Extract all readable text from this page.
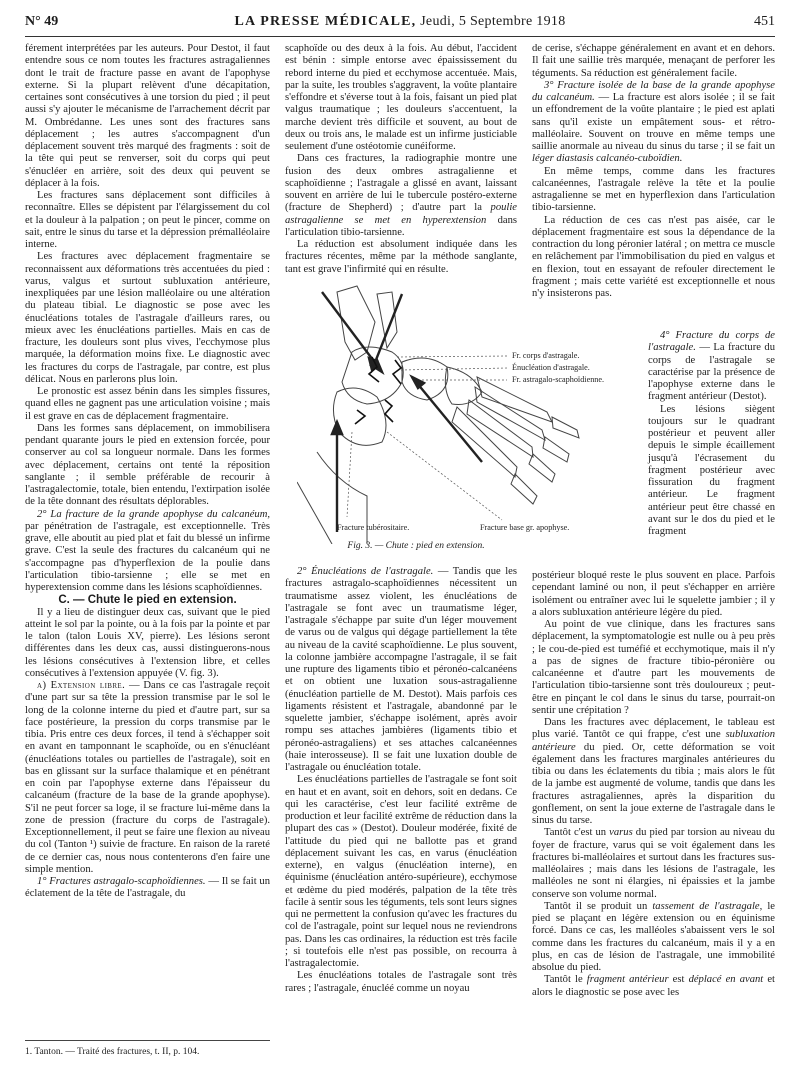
N° 49	LA PRESSE MÉDICALE, Jeudi, 5 Septembre 1918	451

férement interprétées par les auteurs. Pour Destot, il faut entendre sous ce nom toutes les fractures astragaliennes dont le trait de fracture passe en avant de l'apophyse externe. Si la plupart relèvent d'une décapitation, certaines sont consécutives à une torsion du pied ; il peut aussi s'y ajouter le mécanisme de l'arrachement décrit par M. Ombrédanne. Les unes sont des fractures sans déplacement ; les autres s'accompagnent d'un déplacement souvent très marqué des fragments : soit de la tête qui peut se renverser, soit du corps qui peut s'énucléer en arrière, soit des deux qui peuvent se déplacer à la fois.

Les fractures sans déplacement sont difficiles à reconnaître. Elles se dépistent par l'élargissement du col et la douleur à la palpation ; on peut le pincer, comme on sait, entre le sinus du tarse et la dépression prémalléolaire interne.

Les fractures avec déplacement fragmentaire se reconnaissent aux déformations très accentuées du pied : varus, valgus et surtout subluxation antérieure, inexpliquées par une lésion malléolaire ou une altération du plateau tibial. Le diagnostic se pose avec les énucléations totales de l'astragale d'ailleurs rares, ou mieux avec les énucléations partielles. Mais en cas de fracture, les douleurs sont plus vives, l'ecchymose plus marquée, la déformation moins fixe. Le diagnostic avec les fractures du corps de l'astragale, par contre, est plus délicat. Nous en parlerons plus loin.

Le pronostic est assez bénin dans les simples fissures, quand elles ne gagnent pas une articulation voisine ; mais il est grave en cas de déplacement fragmentaire.

Dans les formes sans déplacement, on immobilisera pendant quarante jours le pied en extension forcée, pour conserver au col sa longueur normale. Dans les formes avec déplacement, certains ont tenté la réposition sanglante ; il semble préférable de recourir à l'astragalectomie, totale, bien entendu, l'extirpation isolée de la tête donnant des résultats déplorables.

2° La fracture de la grande apophyse du calcanéum, par pénétration de l'astragale, est exceptionnelle. Très grave, elle aboutit au pied plat et fait du blessé un infirme grave. C'est la seule des fractures du calcanéum qui ne s'accompagne pas d'hyperflexion de la poulie dans l'articulation tibio-tarsienne ; elle se met en hyperextension comme dans les lésions scaphoïdiennes.

C. — Chute le pied en extension.

Il y a lieu de distinguer deux cas, suivant que le pied atteint le sol par la pointe, ou à la fois par la pointe et par le talon (talon Louis XV, pierre). Les lésions seront différentes dans les deux cas, aussi distinguerons-nous les lésions consécutives à l'extension libre, et celles consécutives à l'extension appuyée (V. fig. 3).

a) Extension libre. — Dans ce cas l'astragale reçoit d'une part sur sa tête la pression transmise par le sol le long de la colonne interne du pied et d'autre part, sur sa face postérieure, la pression du corps transmise par le tibia. Pris entre ces deux forces, il tend à s'échapper soit en avant en tamponnant le scaphoïde, ou en s'énucléant (énucléations totales ou partielles de l'astragale), soit en bas en glissant sur la surface thalamique et en pénétrant en coin par l'apophyse externe dans l'épaisseur du calcanéum (fracture de la base de la grande apophyse). S'il ne peut forcer sa loge, il se fracture lui-même dans la zone de pression (fracture du corps de l'astragale). Exceptionnellement, il peut se faire une flexion au niveau du col (Tanton ¹) suivie de fracture. En raison de la rareté de ce dernier cas, nous nous contenterons d'en faire une simple mention.

1° Fractures astragalo-scaphoïdiennes. — Il se fait un éclatement de la tête de l'astragale, du

1. Tanton. — Traité des fractures, t. II, p. 104.

scaphoïde ou des deux à la fois. Au début, l'accident est bénin : simple entorse avec épaississement du rebord interne du pied et ecchymose accentuée. Mais, par la suite, les troubles s'aggravent, la voûte plantaire s'effondre et s'éverse tout à la fois, faisant un pied plat valgus traumatique ; les douleurs s'accentuent, la marche devient très difficile et souvent, au bout de deux ou trois ans, le malade est un infirme justiciable seulement d'une ostéotomie cunéiforme.

Dans ces fractures, la radiographie montre une fusion des deux ombres astragalienne et scaphoïdienne ; l'astragale a glissé en avant, laissant souvent en arrière de lui le tubercule postéro-externe (fracture de Shepherd) ; d'autre part la poulie astragalienne se met en hyperextension dans l'articulation tibio-tarsienne.

La réduction est absolument indiquée dans les fractures récentes, même par la méthode sanglante, tant est grave l'infirmité qui en résulte.

Fr. corps d'astragale.
Énucléation d'astragale.
Fr. astragalo-scaphoïdienne.
Fracture tubérositaire.	Fracture base gr. apophyse.
Fig. 3. — Chute : pied en extension.

2° Énucléations de l'astragale. — Tandis que les fractures astragalo-scaphoïdiennes nécessitent un traumatisme assez violent, les énucléations de l'astragale se font avec un traumatisme léger, l'astragale s'échappe par suite d'un léger mouvement de varus ou de valgus qui dégage partiellement la tête au niveau de la cavité scaphoïdienne. Le plus souvent, la colonne jambière accompagne l'astragale, il se fait une rupture des ligaments tibio et péronéo-calcanéens et on obtient une luxation sous-astragalienne (énucléation partielle de M. Destot). Mais parfois ces ligaments résistent et l'astragale, abandonné par le squelette jambier, s'échappe isolément, après avoir rompu ses attaches jambières (ligaments tibio et péronéo-astragaliens) et ses attaches calcanéennes (haie interosseuse). Il se fait une luxation double de l'astragale ou énucléation totale.

Les énucléations partielles de l'astragale se font soit en haut et en avant, soit en dehors, soit en dedans. Ce qui les caractérise, c'est leur facilité extrême de production et leur facilité extrême de réduction dans la plupart des cas » (Destot). Douleur modérée, fixité de l'attitude du pied qui ne ballotte pas et grand déplacement suivant les cas, en varus (énucléation externe), en valgus (énucléation interne), en équinisme (énucléation antéro-supérieure), ecchymose et œdème du pied modérés, palpation de la tête très facile à sentir sous les téguments, tels sont leurs signes qui ne permettent la confusion qu'avec les fractures du col de l'astragale, point sur lequel nous ne reviendrons pas. Dans les cas ordinaires, la réduction est très facile ; si toutefois elle n'est pas possible, on recourra à l'astragalectomie.

Les énucléations totales de l'astragale sont très rares ; l'astragale, énucléé comme un noyau

de cerise, s'échappe généralement en avant et en dehors. Il fait une saillie très marquée, menaçant de perforer les téguments. Sa réduction est généralement facile.

3° Fracture isolée de la base de la grande apophyse du calcanéum. — La fracture est alors isolée ; il se fait un effondrement de la voûte plantaire ; le pied est aplati sans qu'il existe un empâtement sous- et rétro-malléolaire. Souvent on trouve en même temps une saillie anormale au niveau du sinus du tarse ; il se fait un léger diastasis calcanéo-cuboïdien.

En même temps, comme dans les fractures calcanéennes, l'astragale relève la tête et la poulie astragalienne se met en hyperflexion dans l'articulation tibio-tarsienne.

La réduction de ces cas n'est pas aisée, car le déplacement fragmentaire est sous la dépendance de la contraction du long péronier latéral ; on mettra ce muscle en relâchement par l'immobilisation du pied en valgus et en flexion, tout en essayant de refouler directement le fragment ; mais cette variété est exceptionnelle et nous n'y insisterons pas.

4° Fracture du corps de l'astragale. — La fracture du corps de l'astragale se caractérise par la présence de l'apophyse externe dans le fragment antérieur (Destot).

Les lésions siègent toujours sur le quadrant postérieur et peuvent aller depuis le simple écaillement jusqu'à l'écrasement du fragment postérieur avec fissuration du fragment antérieur. Le fragment antérieur peut être chassé en avant sur le dos du pied et le fragment

postérieur bloqué reste le plus souvent en place. Parfois cependant laminé ou non, il peut s'échapper en arrière isolément ou entraîner avec lui le squelette jambier ; il y a alors subluxation antérieure légère du pied.

Au point de vue clinique, dans les fractures sans déplacement, la symptomatologie est nulle ou à peu près ; le cou-de-pied est tuméfié et ecchymotique, mais il n'y a pas de signes de fracture tibio-péronière ou calcanéenne et d'autre part les mouvements de l'articulation tibio-tarsienne sont très douloureux ; peut-être en pinçant le col dans le sinus du tarse, pourrait-on sentir une crépitation ?

Dans les fractures avec déplacement, le tableau est plus varié. Tantôt ce qui frappe, c'est une subluxation antérieure du pied. Or, cette déformation se voit également dans les fractures marginales antérieures du tibia ou dans les éclatements du tibia ; mais alors le fût de la jambe est augmenté de volume, tandis que dans les fractures astragaliennes, après la disparition du gonflement, on sent la joue externe de l'astragale dans le sinus du tarse.

Tantôt c'est un varus du pied par torsion au niveau du foyer de fracture, varus qui se voit également dans les fractures bi-malléolaires et surtout dans les fractures sus-malléolaires ; mais dans les lésions de l'astragale, les malléoles ne sont ni élargies, ni épaissies et la jambe conserve son volume normal.

Tantôt il se produit un tassement de l'astragale, le pied se plaçant en légère extension ou en équinisme forcé. Dans ce cas, les malléoles s'abaissent vers le sol comme dans les fractures du calcanéum, mais il y a en plus, en cas de lésion de l'astragale, une immobilité absolue du pied.

Tantôt le fragment antérieur est déplacé en avant et alors le diagnostic se pose avec les
